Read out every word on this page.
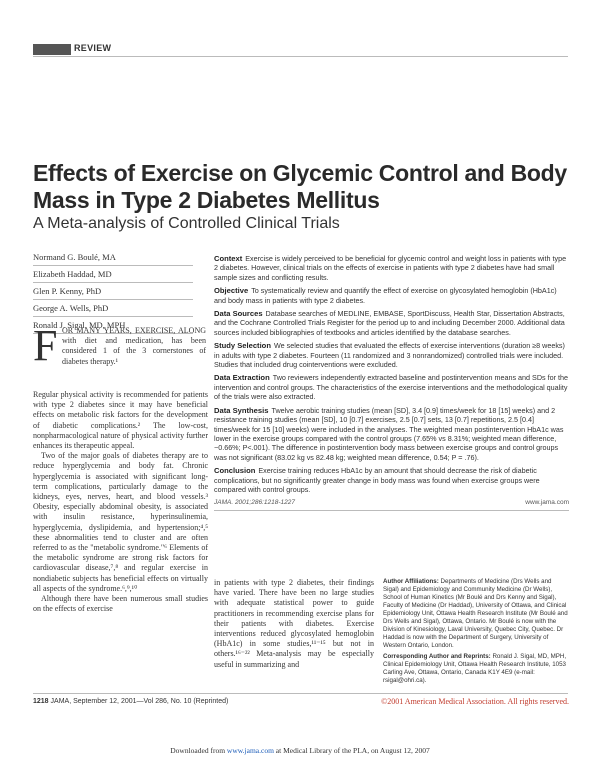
REVIEW
Effects of Exercise on Glycemic Control and Body Mass in Type 2 Diabetes Mellitus
A Meta-analysis of Controlled Clinical Trials
Normand G. Boulé, MA
Elizabeth Haddad, MD
Glen P. Kenny, PhD
George A. Wells, PhD
Ronald J. Sigal, MD, MPH
Context Exercise is widely perceived to be beneficial for glycemic control and weight loss in patients with type 2 diabetes. However, clinical trials on the effects of exercise in patients with type 2 diabetes have had small sample sizes and conflicting results.
Objective To systematically review and quantify the effect of exercise on glycosylated hemoglobin (HbA1c) and body mass in patients with type 2 diabetes.
Data Sources Database searches of MEDLINE, EMBASE, SportDiscuss, Health Star, Dissertation Abstracts, and the Cochrane Controlled Trials Register for the period up to and including December 2000. Additional data sources included bibliographies of textbooks and articles identified by the database searches.
Study Selection We selected studies that evaluated the effects of exercise interventions (duration ≥8 weeks) in adults with type 2 diabetes. Fourteen (11 randomized and 3 nonrandomized) controlled trials were included. Studies that included drug cointerventions were excluded.
Data Extraction Two reviewers independently extracted baseline and postintervention means and SDs for the intervention and control groups. The characteristics of the exercise interventions and the methodological quality of the trials were also extracted.
Data Synthesis Twelve aerobic training studies (mean [SD], 3.4 [0.9] times/week for 18 [15] weeks) and 2 resistance training studies (mean [SD], 10 [0.7] exercises, 2.5 [0.7] sets, 13 [0.7] repetitions, 2.5 [0.4] times/week for 15 [10] weeks) were included in the analyses. The weighted mean postintervention HbA1c was lower in the exercise groups compared with the control groups (7.65% vs 8.31%; weighted mean difference, −0.66%; P<.001). The difference in postintervention body mass between exercise groups and control groups was not significant (83.02 kg vs 82.48 kg; weighted mean difference, 0.54; P = .76).
Conclusion Exercise training reduces HbA1c by an amount that should decrease the risk of diabetic complications, but no significantly greater change in body mass was found when exercise groups were compared with control groups.
JAMA. 2001;286:1218-1227	www.jama.com
F OR MANY YEARS, EXERCISE, ALONG with diet and medication, has been considered 1 of the 3 cornerstones of diabetes therapy.¹

Regular physical activity is recommended for patients with type 2 diabetes since it may have beneficial effects on metabolic risk factors for the development of diabetic complications.² The low-cost, nonpharmacological nature of physical activity further enhances its therapeutic appeal.

Two of the major goals of diabetes therapy are to reduce hyperglycemia and body fat. Chronic hyperglycemia is associated with significant long-term complications, particularly damage to the kidneys, eyes, nerves, heart, and blood vessels.³ Obesity, especially abdominal obesity, is associated with insulin resistance, hyperinsulinemia, hyperglycemia, dyslipidemia, and hypertension;⁴,⁵ these abnormalities tend to cluster and are often referred to as the "metabolic syndrome."⁶ Elements of the metabolic syndrome are strong risk factors for cardiovascular disease,⁷,⁸ and regular exercise in nondiabetic subjects has beneficial effects on virtually all aspects of the syndrome.⁶,⁹,¹⁰

Although there have been numerous small studies on the effects of exercise

in patients with type 2 diabetes, their findings have varied. There have been no large studies with adequate statistical power to guide practitioners in recommending exercise plans for their patients with diabetes. Exercise interventions reduced glycosylated hemoglobin (HbA1c) in some studies,¹¹⁻¹⁵ but not in others.¹⁶⁻²² Meta-analysis may be especially useful in summarizing and
Author Affiliations: Departments of Medicine (Drs Wells and Sigal) and Epidemiology and Community Medicine (Dr Wells), School of Human Kinetics (Mr Boulé and Drs Kenny and Sigal), Faculty of Medicine (Dr Haddad), University of Ottawa, and Clinical Epidemiology Unit, Ottawa Health Research Institute (Mr Boulé and Drs Wells and Sigal), Ottawa, Ontario. Mr Boulé is now with the Division of Kinesiology, Laval University, Quebec City, Quebec. Dr Haddad is now with the Department of Surgery, University of Western Ontario, London.
Corresponding Author and Reprints: Ronald J. Sigal, MD, MPH, Clinical Epidemiology Unit, Ottawa Health Research Institute, 1053 Carling Ave, Ottawa, Ontario, Canada K1Y 4E9 (e-mail: rsigal@ohri.ca).
1218 JAMA, September 12, 2001—Vol 286, No. 10 (Reprinted)	©2001 American Medical Association. All rights reserved.
Downloaded from www.jama.com at Medical Library of the PLA, on August 12, 2007
